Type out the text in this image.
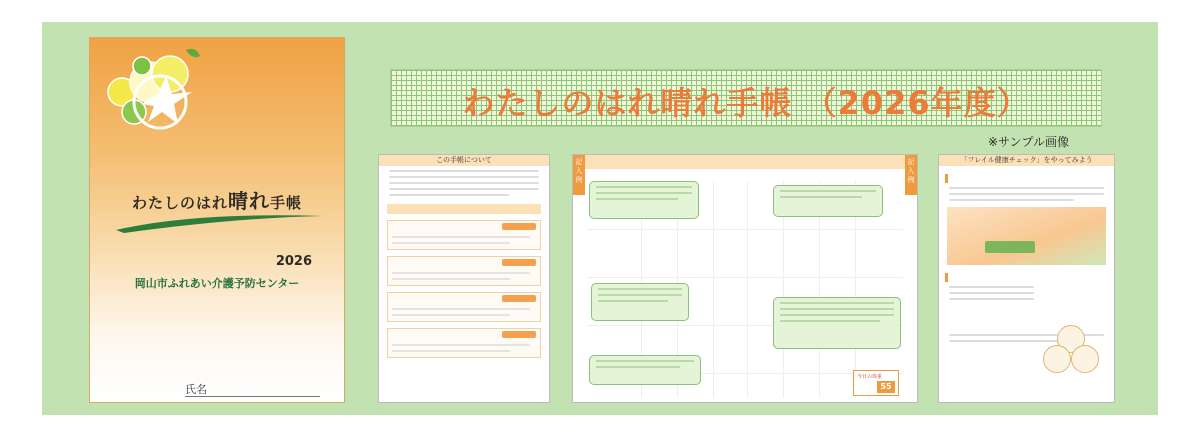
わたしのはれ晴れ手帳
2026
岡山市ふれあい介護予防センター
氏名
わたしのはれ晴れ手帳 （2026年度）
※サンプル画像
この手帳について	記入例
記入例
今日の体重
55
「フレイル健康チェック」をやってみよう
